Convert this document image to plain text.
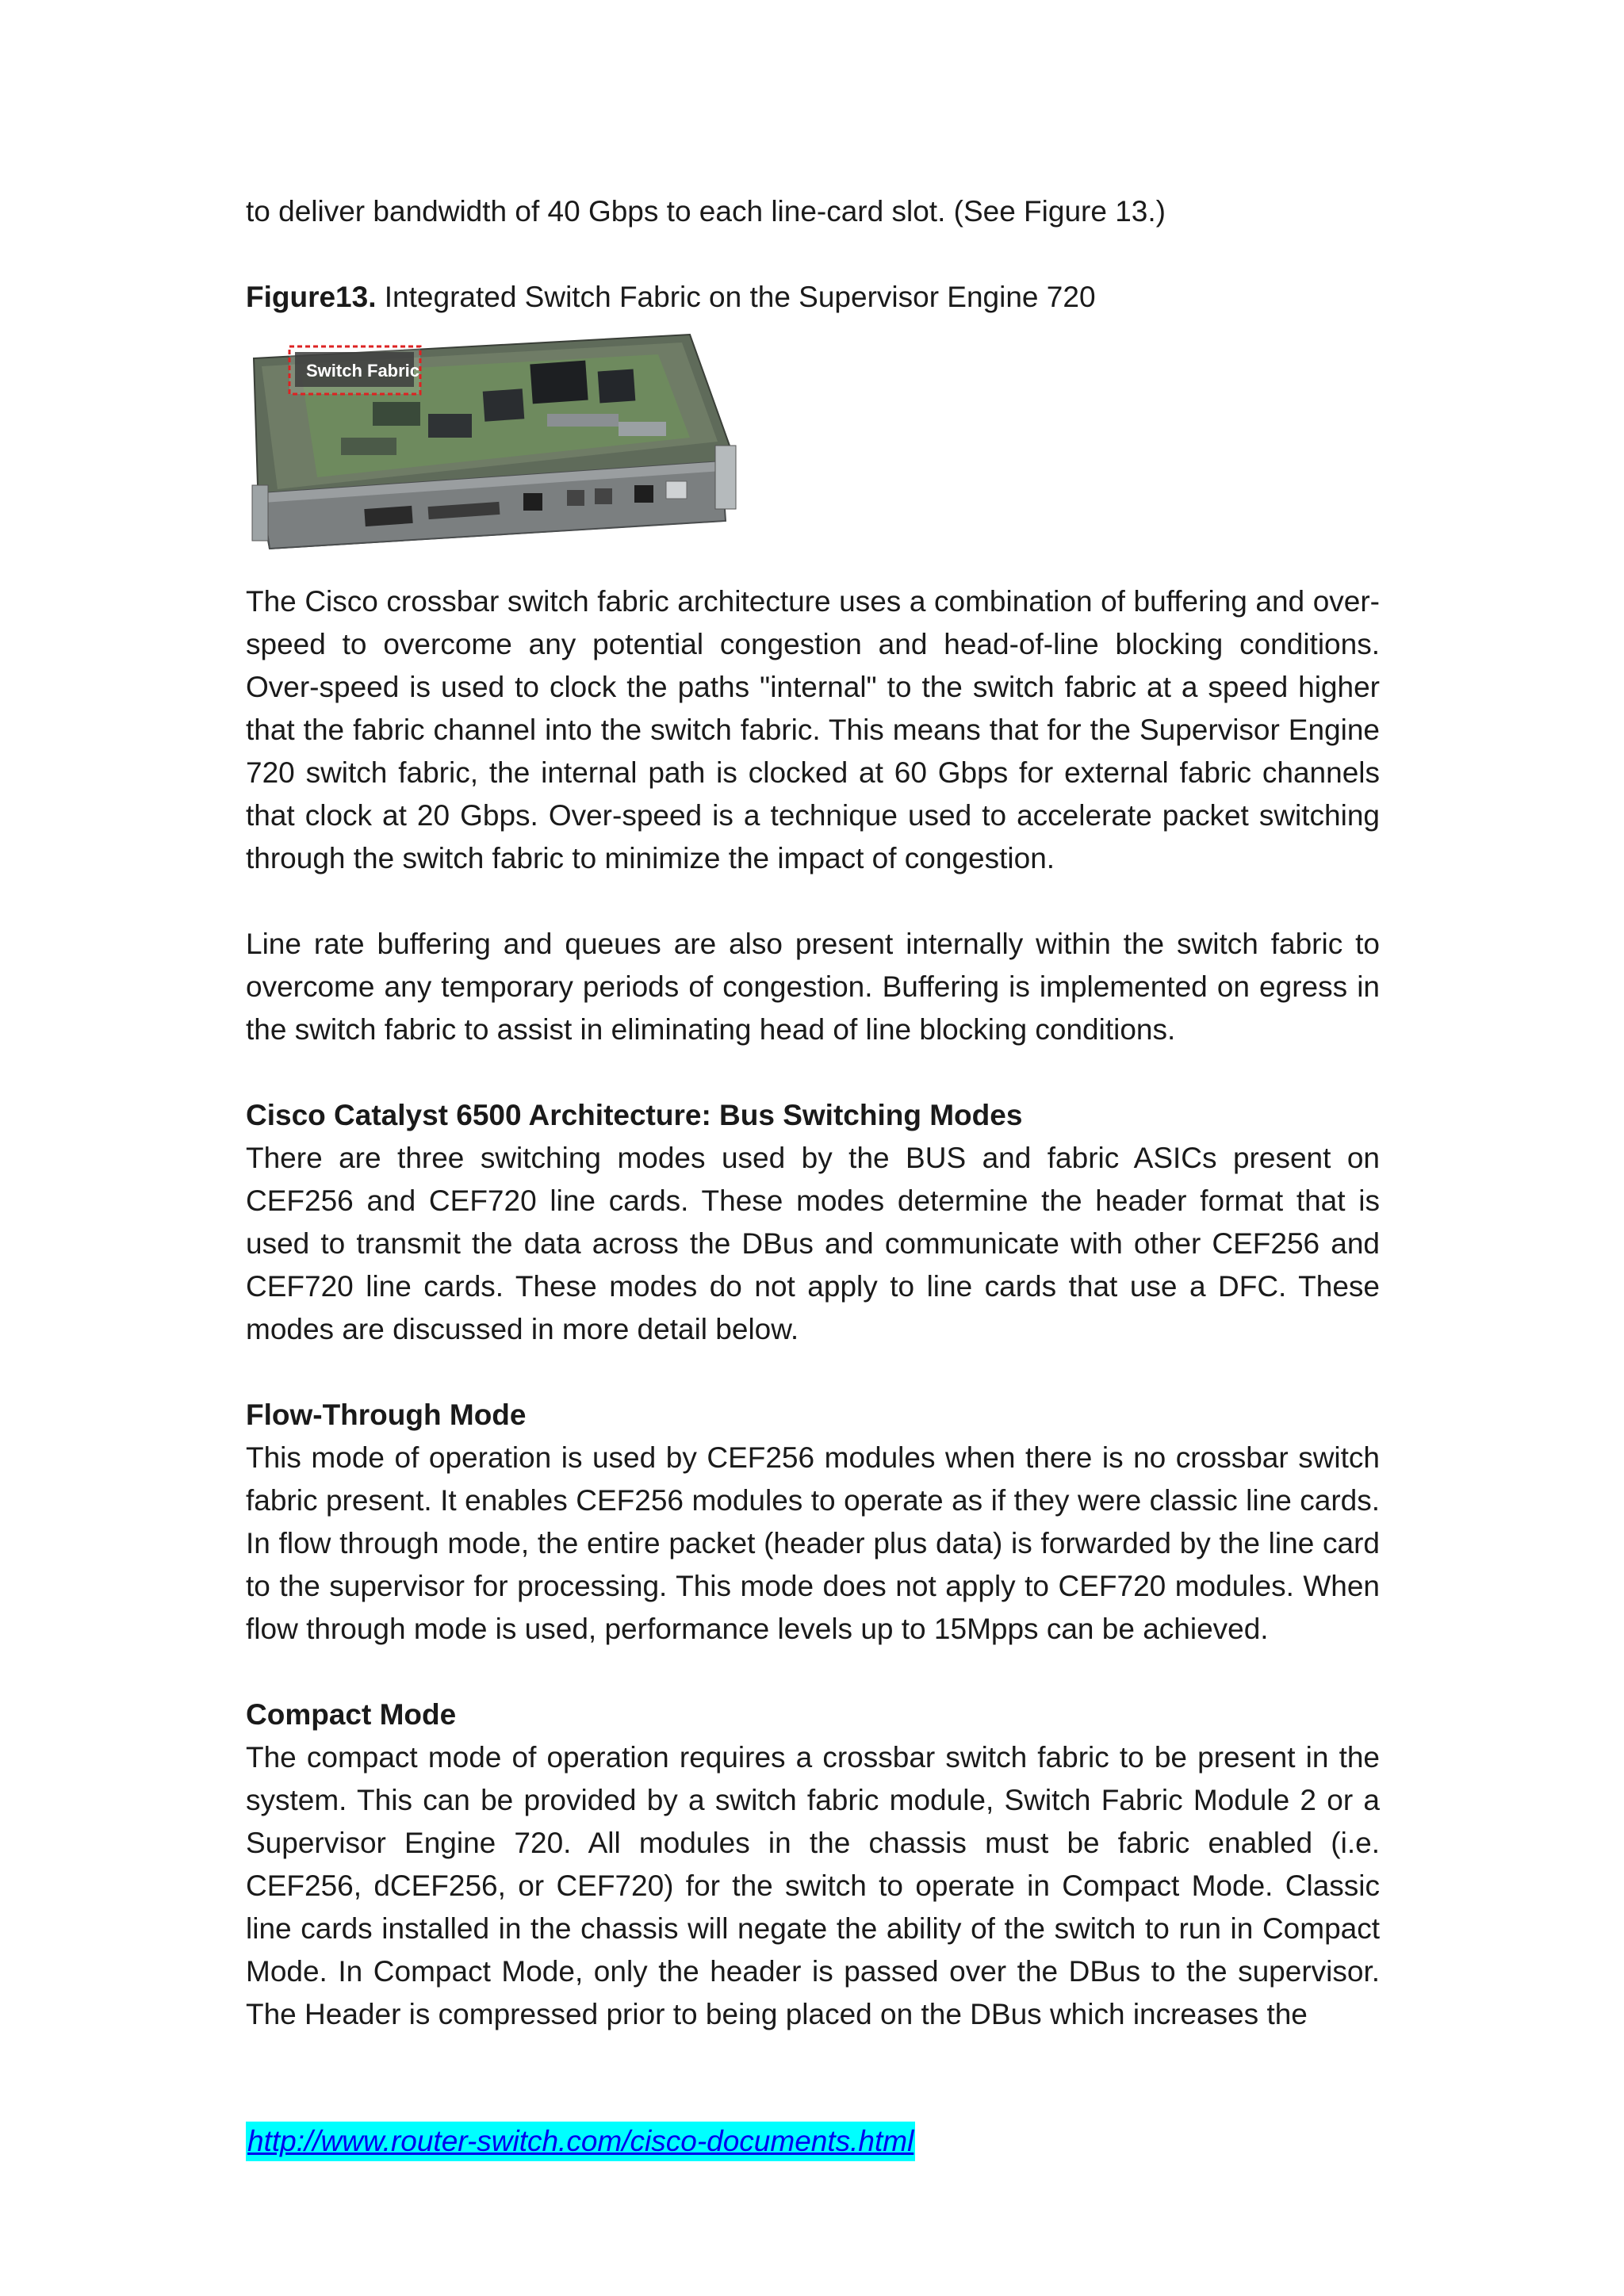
to deliver bandwidth of 40 Gbps to each line-card slot. (See Figure 13.)

Figure13. Integrated Switch Fabric on the Supervisor Engine 720

Switch Fabric

The Cisco crossbar switch fabric architecture uses a combination of buffering and over-speed to overcome any potential congestion and head-of-line blocking conditions. Over-speed is used to clock the paths "internal" to the switch fabric at a speed higher that the fabric channel into the switch fabric. This means that for the Supervisor Engine 720 switch fabric, the internal path is clocked at 60 Gbps for external fabric channels that clock at 20 Gbps. Over-speed is a technique used to accelerate packet switching through the switch fabric to minimize the impact of congestion.

Line rate buffering and queues are also present internally within the switch fabric to overcome any temporary periods of congestion. Buffering is implemented on egress in the switch fabric to assist in eliminating head of line blocking conditions.

Cisco Catalyst 6500 Architecture: Bus Switching Modes

There are three switching modes used by the BUS and fabric ASICs present on CEF256 and CEF720 line cards. These modes determine the header format that is used to transmit the data across the DBus and communicate with other CEF256 and CEF720 line cards. These modes do not apply to line cards that use a DFC. These modes are discussed in more detail below.

Flow-Through Mode

This mode of operation is used by CEF256 modules when there is no crossbar switch fabric present. It enables CEF256 modules to operate as if they were classic line cards. In flow through mode, the entire packet (header plus data) is forwarded by the line card to the supervisor for processing. This mode does not apply to CEF720 modules. When flow through mode is used, performance levels up to 15Mpps can be achieved.

Compact Mode

The compact mode of operation requires a crossbar switch fabric to be present in the system. This can be provided by a switch fabric module, Switch Fabric Module 2 or a Supervisor Engine 720. All modules in the chassis must be fabric enabled (i.e. CEF256, dCEF256, or CEF720) for the switch to operate in Compact Mode. Classic line cards installed in the chassis will negate the ability of the switch to run in Compact Mode. In Compact Mode, only the header is passed over the DBus to the supervisor. The Header is compressed prior to being placed on the DBus which increases the

http://www.router-switch.com/cisco-documents.html
